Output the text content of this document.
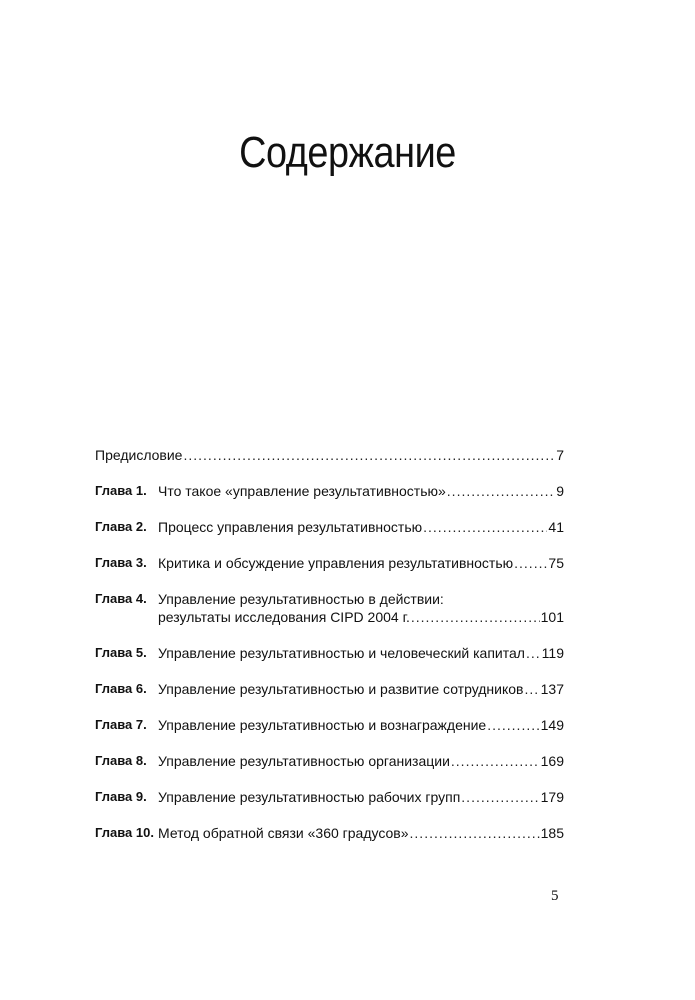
Содержание
Предисловие .....	7
Глава 1. Что такое «управление результативностью» .....	9
Глава 2. Процесс управления результативностью .....	41
Глава 3. Критика и обсуждение управления результативностью .....	75
Глава 4. Управление результативностью в действии:
результаты исследования CIPD 2004 г. .....	101
Глава 5. Управление результативностью и человеческий капитал ..... 119
Глава 6. Управление результативностью и развитие сотрудников ..... 137
Глава 7. Управление результативностью и вознаграждение .....	149
Глава 8. Управление результативностью организации .....	169
Глава 9. Управление результативностью рабочих групп .....	179
Глава 10. Метод обратной связи «360 градусов» .....	185
5
